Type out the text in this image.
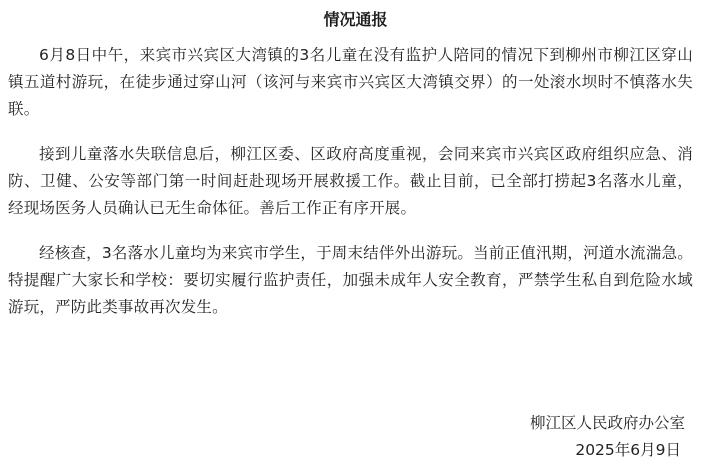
情况通报

6月8日中午，来宾市兴宾区大湾镇的3名儿童在没有监护人陪同的情况下到柳州市柳江区穿山镇五道村游玩，在徒步通过穿山河（该河与来宾市兴宾区大湾镇交界）的一处滚水坝时不慎落水失联。

接到儿童落水失联信息后，柳江区委、区政府高度重视，会同来宾市兴宾区政府组织应急、消防、卫健、公安等部门第一时间赶赴现场开展救援工作。截止目前，已全部打捞起3名落水儿童，经现场医务人员确认已无生命体征。善后工作正有序开展。

经核查，3名落水儿童均为来宾市学生，于周末结伴外出游玩。当前正值汛期，河道水流湍急。特提醒广大家长和学校：要切实履行监护责任，加强未成年人安全教育，严禁学生私自到危险水域游玩，严防此类事故再次发生。

柳江区人民政府办公室
2025年6月9日
